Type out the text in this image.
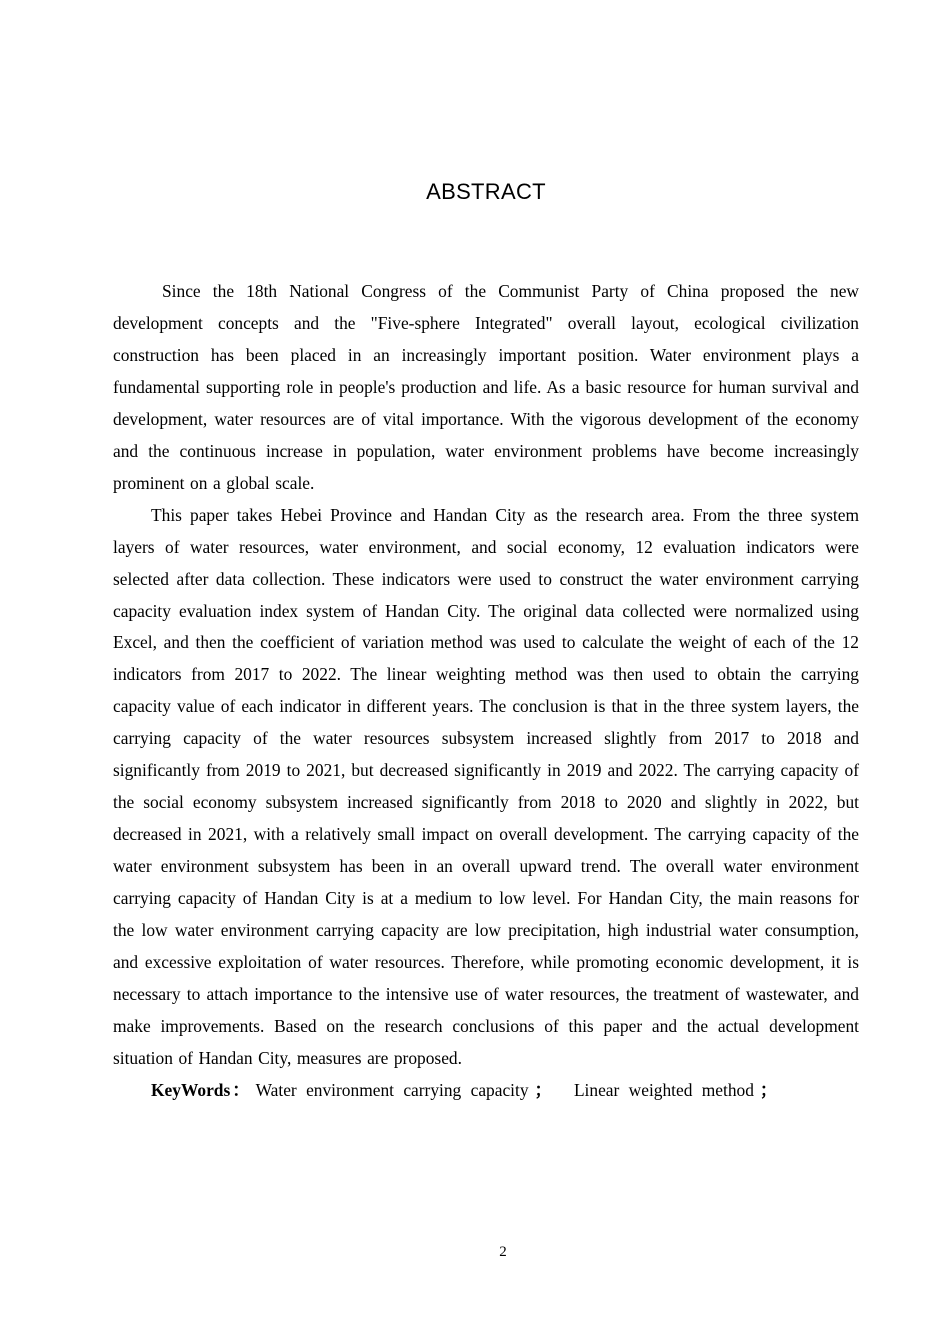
ABSTRACT

Since the 18th National Congress of the Communist Party of China proposed the new development concepts and the "Five-sphere Integrated" overall layout, ecological civilization construction has been placed in an increasingly important position. Water environment plays a fundamental supporting role in people's production and life. As a basic resource for human survival and development, water resources are of vital importance. With the vigorous development of the economy and the continuous increase in population, water environment problems have become increasingly prominent on a global scale.

This paper takes Hebei Province and Handan City as the research area. From the three system layers of water resources, water environment, and social economy, 12 evaluation indicators were selected after data collection. These indicators were used to construct the water environment carrying capacity evaluation index system of Handan City. The original data collected were normalized using Excel, and then the coefficient of variation method was used to calculate the weight of each of the 12 indicators from 2017 to 2022. The linear weighting method was then used to obtain the carrying capacity value of each indicator in different years. The conclusion is that in the three system layers, the carrying capacity of the water resources subsystem increased slightly from 2017 to 2018 and significantly from 2019 to 2021, but decreased significantly in 2019 and 2022. The carrying capacity of the social economy subsystem increased significantly from 2018 to 2020 and slightly in 2022, but decreased in 2021, with a relatively small impact on overall development. The carrying capacity of the water environment subsystem has been in an overall upward trend. The overall water environment carrying capacity of Handan City is at a medium to low level. For Handan City, the main reasons for the low water environment carrying capacity are low precipitation, high industrial water consumption, and excessive exploitation of water resources. Therefore, while promoting economic development, it is necessary to attach importance to the intensive use of water resources, the treatment of wastewater, and make improvements. Based on the research conclusions of this paper and the actual development situation of Handan City, measures are proposed.

KeyWords ： Water environment carrying capacity ； Linear weighted method ；

2
